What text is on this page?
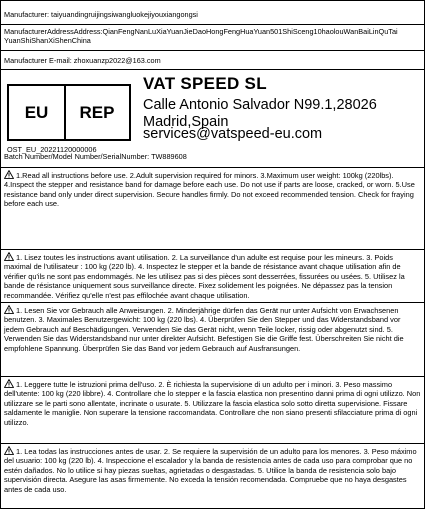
Manufacturer: taiyuandingruijingsiwangluokejiyouxiangongsi
ManufacturerAddressAddress:QianFengNanLuXiaYuanJieDaoHongFengHuaYuan501ShiSceng10haolouWanBaiLinQuTai YuanShiShanXiShenChina
Manufacturer E-mail: zhoxuanzp2022@163.com
EU	REP
OST_EU_20221120000006
VAT SPEED SL
Calle Antonio Salvador N99.1,28026 Madrid,Spain
services@vatspeed-eu.com
Batch Number/Model Number/SerialNumber: TW889608
1.Read all instructions before use. 2.Adult supervision required for minors. 3.Maximum user weight: 100kg (220lbs). 4.Inspect the stepper and resistance band for damage before each use. Do not use if parts are loose, cracked, or worn. 5.Use resistance band only under direct supervision. Secure handles firmly. Do not exceed recommended tension. Check for fraying before each use.
1. Lisez toutes les instructions avant utilisation. 2. La surveillance d'un adulte est requise pour les mineurs. 3. Poids maximal de l'utilisateur : 100 kg (220 lb). 4. Inspectez le stepper et la bande de résistance avant chaque utilisation afin de vérifier qu'ils ne sont pas endommagés. Ne les utilisez pas si des pièces sont desserrées, fissurées ou usées. 5. Utilisez la bande de résistance uniquement sous surveillance directe. Fixez solidement les poignées. Ne dépassez pas la tension recommandée. Vérifiez qu'elle n'est pas effilochée avant chaque utilisation.
1. Lesen Sie vor Gebrauch alle Anweisungen. 2. Minderjährige dürfen das Gerät nur unter Aufsicht von Erwachsenen benutzen. 3. Maximales Benutzergewicht: 100 kg (220 lbs). 4. Überprüfen Sie den Stepper und das Widerstandsband vor jedem Gebrauch auf Beschädigungen. Verwenden Sie das Gerät nicht, wenn Teile locker, rissig oder abgenutzt sind. 5. Verwenden Sie das Widerstandsband nur unter direkter Aufsicht. Befestigen Sie die Griffe fest. Überschreiten Sie nicht die empfohlene Spannung. Überprüfen Sie das Band vor jedem Gebrauch auf Ausfransungen.
1. Leggere tutte le istruzioni prima dell'uso. 2. È richiesta la supervisione di un adulto per i minori. 3. Peso massimo dell'utente: 100 kg (220 libbre). 4. Controllare che lo stepper e la fascia elastica non presentino danni prima di ogni utilizzo. Non utilizzare se le parti sono allentate, incrinate o usurate. 5. Utilizzare la fascia elastica solo sotto diretta supervisione. Fissare saldamente le maniglie. Non superare la tensione raccomandata. Controllare che non siano presenti sfilacciature prima di ogni utilizzo.
1. Lea todas las instrucciones antes de usar. 2. Se requiere la supervisión de un adulto para los menores. 3. Peso máximo del usuario: 100 kg (220 lb). 4. Inspeccione el escalador y la banda de resistencia antes de cada uso para comprobar que no estén dañados. No lo utilice si hay piezas sueltas, agrietadas o desgastadas. 5. Utilice la banda de resistencia solo bajo supervisión directa. Asegure las asas firmemente. No exceda la tensión recomendada. Compruebe que no haya desgastes antes de cada uso.
